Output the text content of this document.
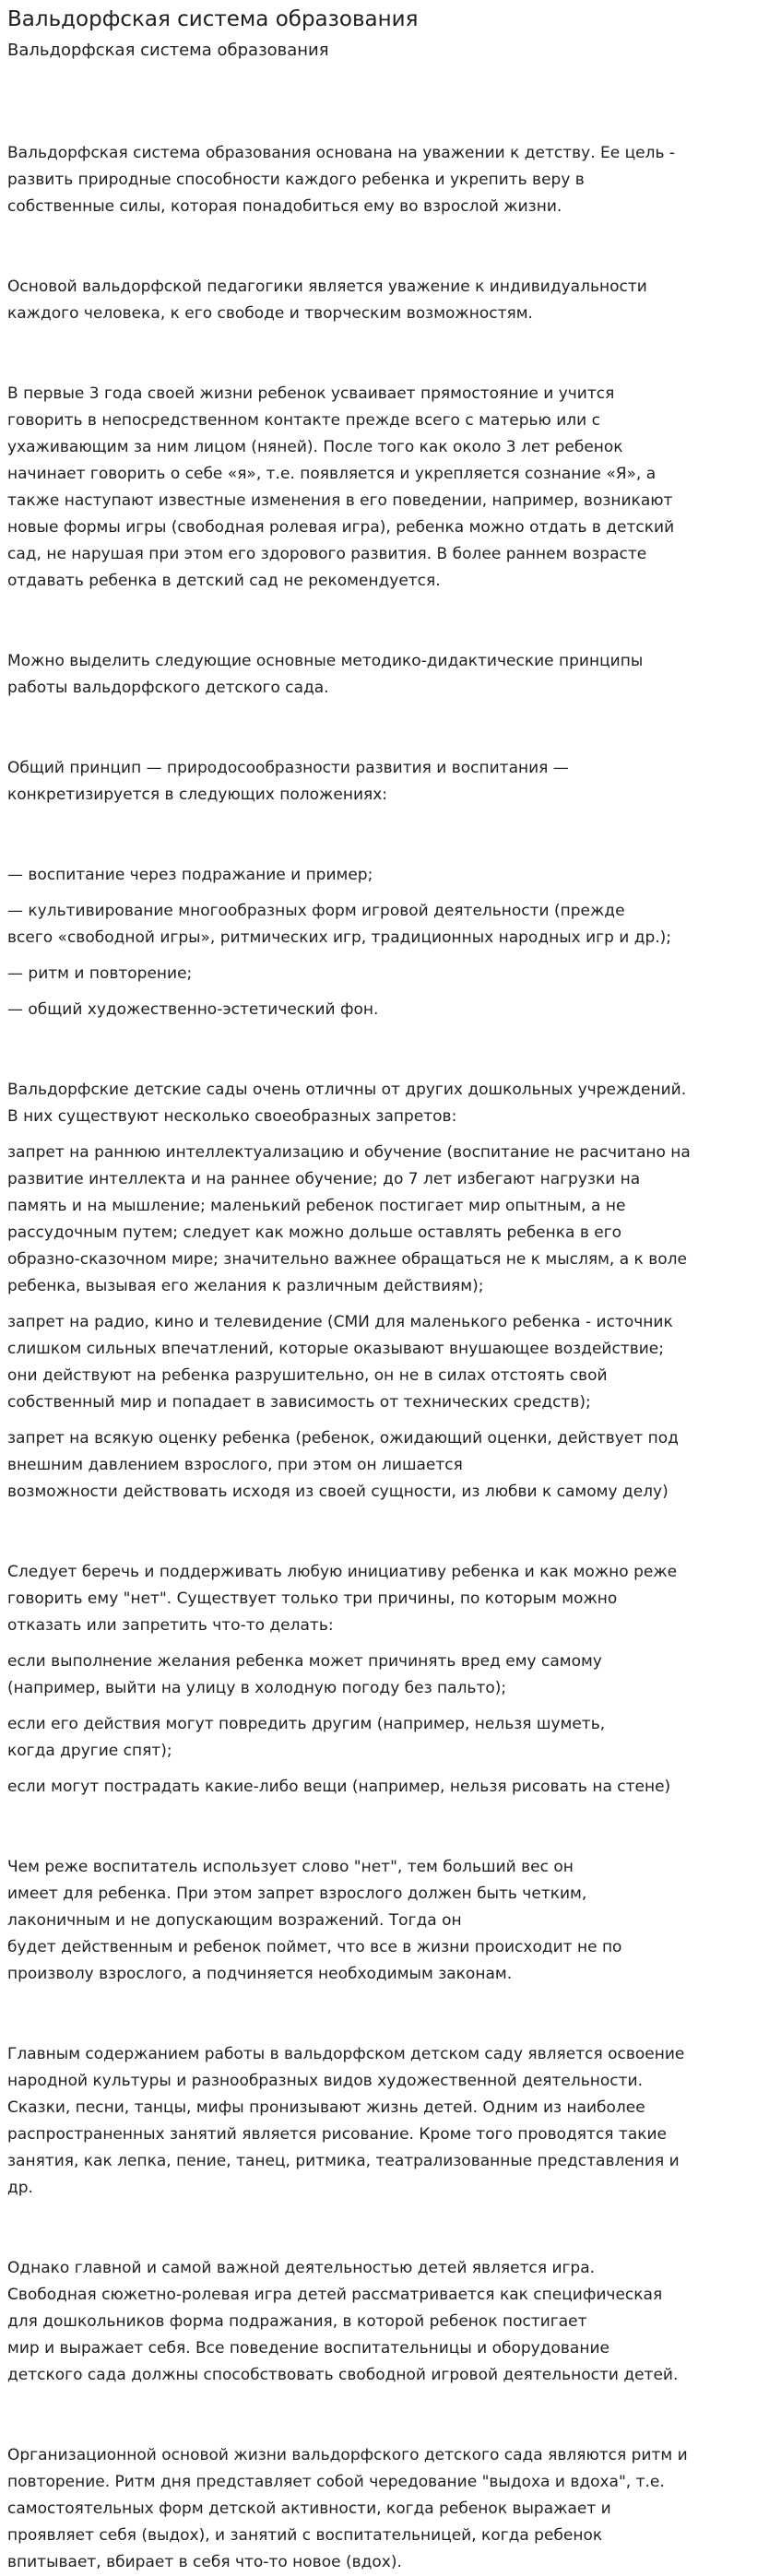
Вальдорфская система образования
Вальдорфская система образования

Вальдорфская система образования основана на уважении к детству. Ее цель -
развить природные способности каждого ребенка и укрепить веру в
собственные силы, которая понадобиться ему во взрослой жизни.

Основой вальдорфской педагогики является уважение к индивидуальности
каждого человека, к его свободе и творческим возможностям.

В первые 3 года своей жизни ребенок усваивает прямостояние и учится
говорить в непосредственном контакте прежде всего с матерью или с
ухаживающим за ним лицом (няней). После того как около 3 лет ребенок
начинает говорить о себе «я», т.е. появляется и укрепляется сознание «Я», а
также наступают известные изменения в его поведении, например, возникают
новые формы игры (свободная ролевая игра), ребенка можно отдать в детский
сад, не нарушая при этом его здорового развития. В более раннем возрасте
отдавать ребенка в детский сад не рекомендуется.

Можно выделить следующие основные методико-дидактические принципы
работы вальдорфского детского сада.

Общий принцип — природосообразности развития и воспитания —
конкретизируется в следующих положениях:

— воспитание через подражание и пример;

— культивирование многообразных форм игровой деятельности (прежде
всего «свободной игры», ритмических игр, традиционных народных игр и др.);

— ритм и повторение;

— общий художественно-эстетический фон.

Вальдорфские детские сады очень отличны от других дошкольных учреждений.
В них существуют несколько своеобразных запретов:

запрет на раннюю интеллектуализацию и обучение (воспитание не расчитано на
развитие интеллекта и на раннее обучение; до 7 лет избегают нагрузки на
память и на мышление; маленький ребенок постигает мир опытным, а не
рассудочным путем; следует как можно дольше оставлять ребенка в его
образно-сказочном мире; значительно важнее обращаться не к мыслям, а к воле
ребенка, вызывая его желания к различным действиям);

запрет на радио, кино и телевидение (СМИ для маленького ребенка - источник
слишком сильных впечатлений, которые оказывают внушающее воздействие;
они действуют на ребенка разрушительно, он не в силах отстоять свой
собственный мир и попадает в зависимость от технических средств);

запрет на всякую оценку ребенка (ребенок, ожидающий оценки, действует под
внешним давлением взрослого, при этом он лишается
возможности действовать исходя из своей сущности, из любви к самому делу)

Следует беречь и поддерживать любую инициативу ребенка и как можно реже
говорить ему "нет". Существует только три причины, по которым можно
отказать или запретить что-то делать:

если выполнение желания ребенка может причинять вред ему самому
(например, выйти на улицу в холодную погоду без пальто);

если его действия могут повредить другим (например, нельзя шуметь,
когда другие спят);

если могут пострадать какие-либо вещи (например, нельзя рисовать на стене)

Чем реже воспитатель использует слово "нет", тем больший вес он
имеет для ребенка. При этом запрет взрослого должен быть четким,
лаконичным и не допускающим возражений. Тогда он
будет действенным и ребенок поймет, что все в жизни происходит не по
произволу взрослого, а подчиняется необходимым законам.

Главным содержанием работы в вальдорфском детском саду является освоение
народной культуры и разнообразных видов художественной деятельности.
Сказки, песни, танцы, мифы пронизывают жизнь детей. Одним из наиболее
распространенных занятий является рисование. Кроме того проводятся такие
занятия, как лепка, пение, танец, ритмика, театрализованные представления и
др.

Однако главной и самой важной деятельностью детей является игра.
Свободная сюжетно-ролевая игра детей рассматривается как специфическая
для дошкольников форма подражания, в которой ребенок постигает
мир и выражает себя. Все поведение воспитательницы и оборудование
детского сада должны способствовать свободной игровой деятельности детей.

Организационной основой жизни вальдорфского детского сада являются ритм и
повторение. Ритм дня представляет собой чередование "выдоха и вдоха", т.е.
самостоятельных форм детской активности, когда ребенок выражает и
проявляет себя (выдох), и занятий с воспитательницей, когда ребенок
впитывает, вбирает в себя что-то новое (вдох).
